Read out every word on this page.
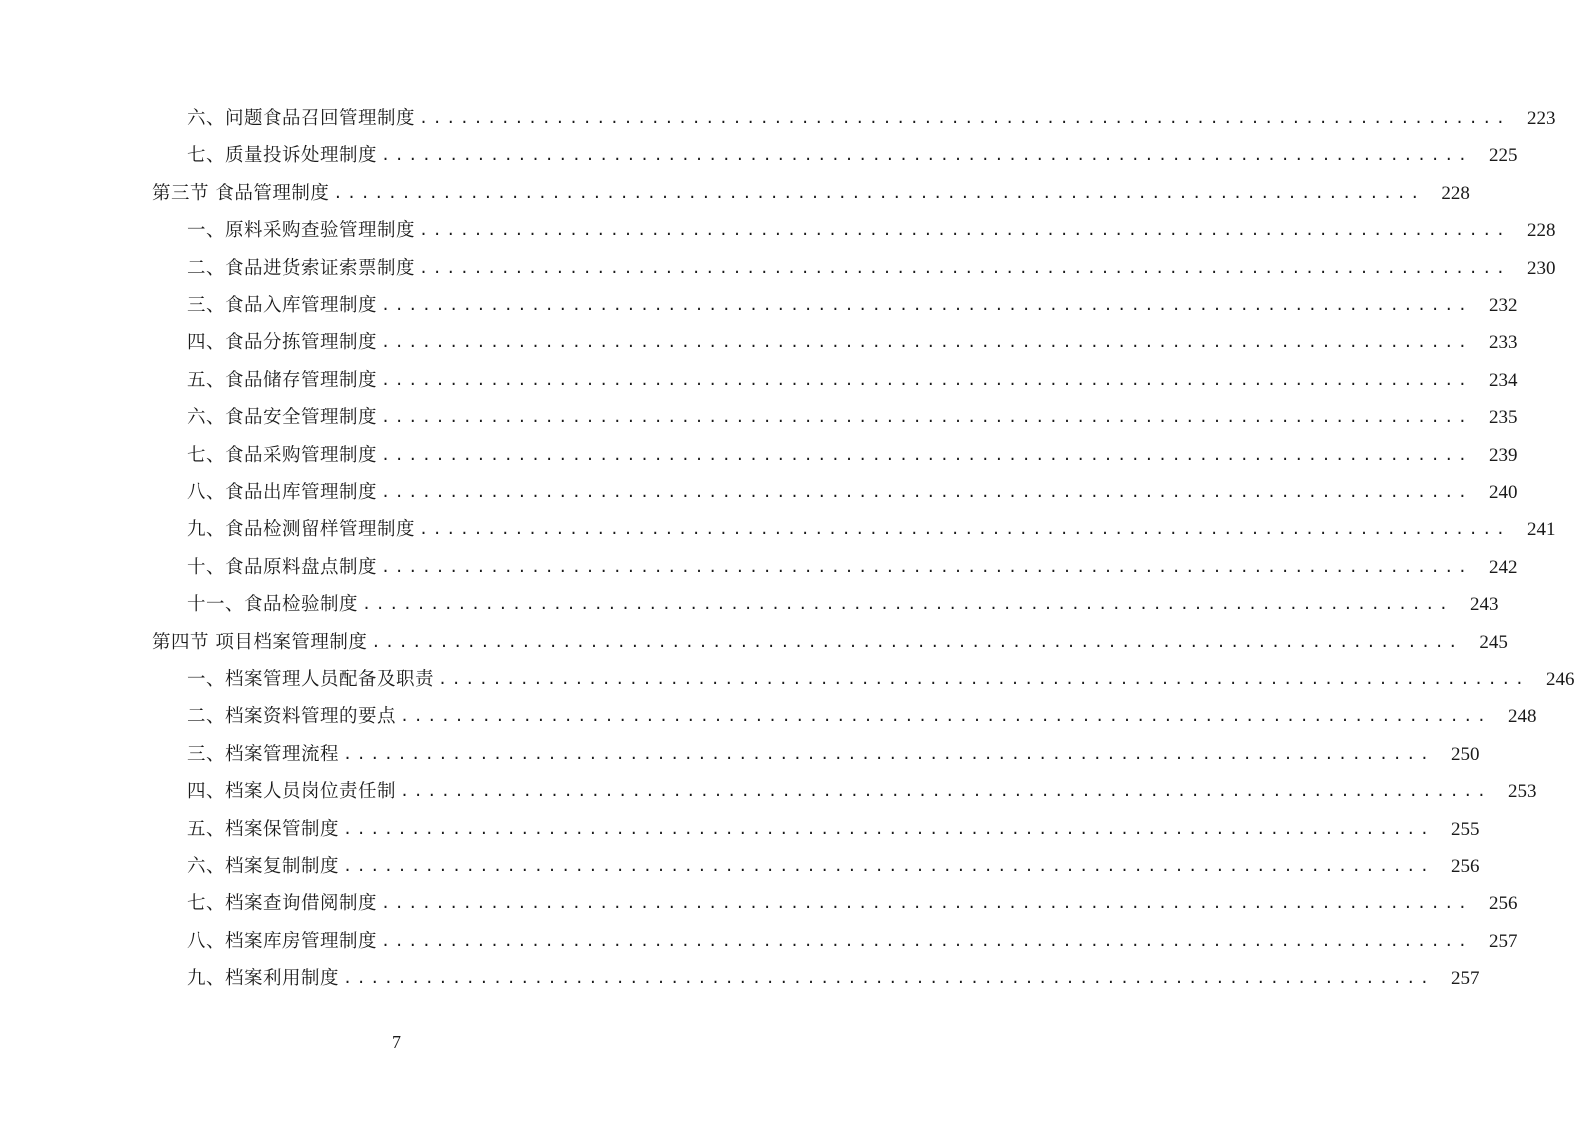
六、问题食品召回管理制度 ................................................................................ 223
七、质量投诉处理制度 ................................................................................ 225
第三节 食品管理制度 ................................................................................ 228
一、原料采购查验管理制度 ................................................................................ 228
二、食品进货索证索票制度 ................................................................................ 230
三、食品入库管理制度 ................................................................................ 232
四、食品分拣管理制度 ................................................................................ 233
五、食品储存管理制度 ................................................................................ 234
六、食品安全管理制度 ................................................................................ 235
七、食品采购管理制度 ................................................................................ 239
八、食品出库管理制度 ................................................................................ 240
九、食品检测留样管理制度 ................................................................................ 241
十、食品原料盘点制度 ................................................................................ 242
十一、食品检验制度 ................................................................................ 243
第四节 项目档案管理制度 ................................................................................ 245
一、档案管理人员配备及职责 ................................................................................ 246
二、档案资料管理的要点 ................................................................................ 248
三、档案管理流程 ................................................................................ 250
四、档案人员岗位责任制 ................................................................................ 253
五、档案保管制度 ................................................................................ 255
六、档案复制制度 ................................................................................ 256
七、档案查询借阅制度 ................................................................................ 256
八、档案库房管理制度 ................................................................................ 257
九、档案利用制度 ................................................................................ 257
7
